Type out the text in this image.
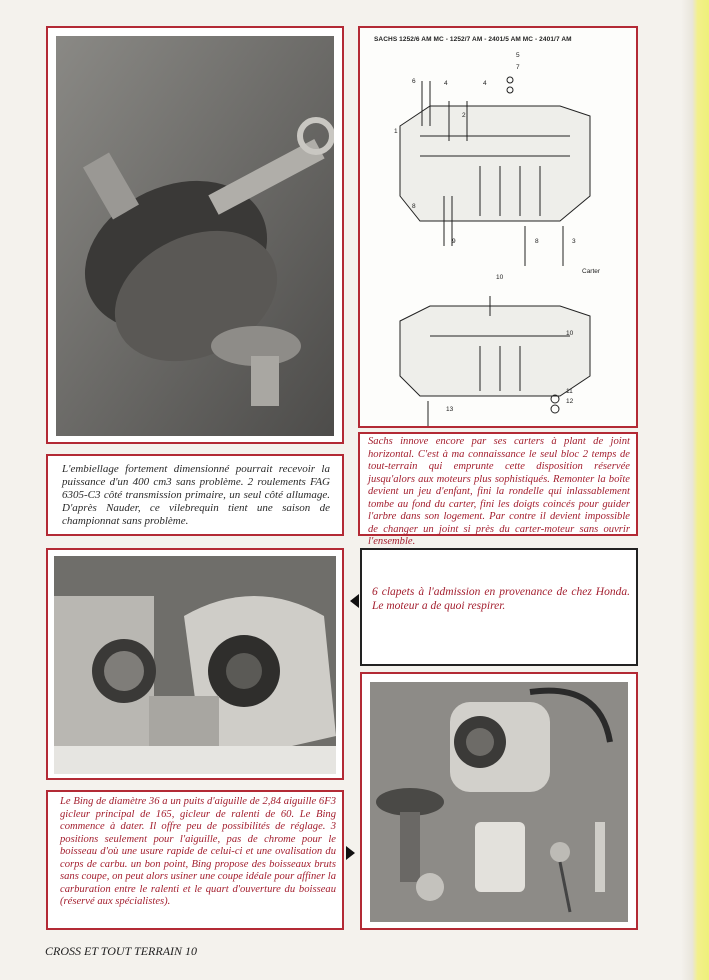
SACHS 1252/6 AM MC - 1252/7 AM - 2401/5 AM MC - 2401/7 AM
6	4	4
5
7
1
2
8
9	8	3
Carter
10
10
11
12
13
Sachs innove encore par ses carters à plant de joint horizontal. C'est à ma connaissance le seul bloc 2 temps de tout-terrain qui emprunte cette disposition réservée jusqu'alors aux moteurs plus sophistiqués. Remonter la boîte devient un jeu d'enfant, fini la rondelle qui inlassablement tombe au fond du carter, fini les doigts coincés pour guider l'arbre dans son logement. Par contre il devient impossible de changer un joint si près du carter-moteur sans ouvrir l'ensemble.
L'embiellage fortement dimensionné pourrait recevoir la puissance d'un 400 cm3 sans problème. 2 roulements FAG 6305-C3 côté transmission primaire, un seul côté allumage. D'après Nauder, ce vilebrequin tient une saison de championnat sans problème.
6 clapets à l'admission en provenance de chez Honda. Le moteur a de quoi respirer.
Le Bing de diamètre 36 a un puits d'aiguille de 2,84 aiguille 6F3 gicleur principal de 165, gicleur de ralenti de 60. Le Bing commence à dater. Il offre peu de possibilités de réglage. 3 positions seulement pour l'aiguille, pas de chrome pour le boisseau d'où une usure rapide de celui-ci et une ovalisation du corps de carbu. un bon point, Bing propose des boisseaux bruts sans coupe, on peut alors usiner une coupe idéale pour affiner la carburation entre le ralenti et le quart d'ouverture du boisseau (réservé aux spécialistes).
CROSS ET TOUT TERRAIN 10
